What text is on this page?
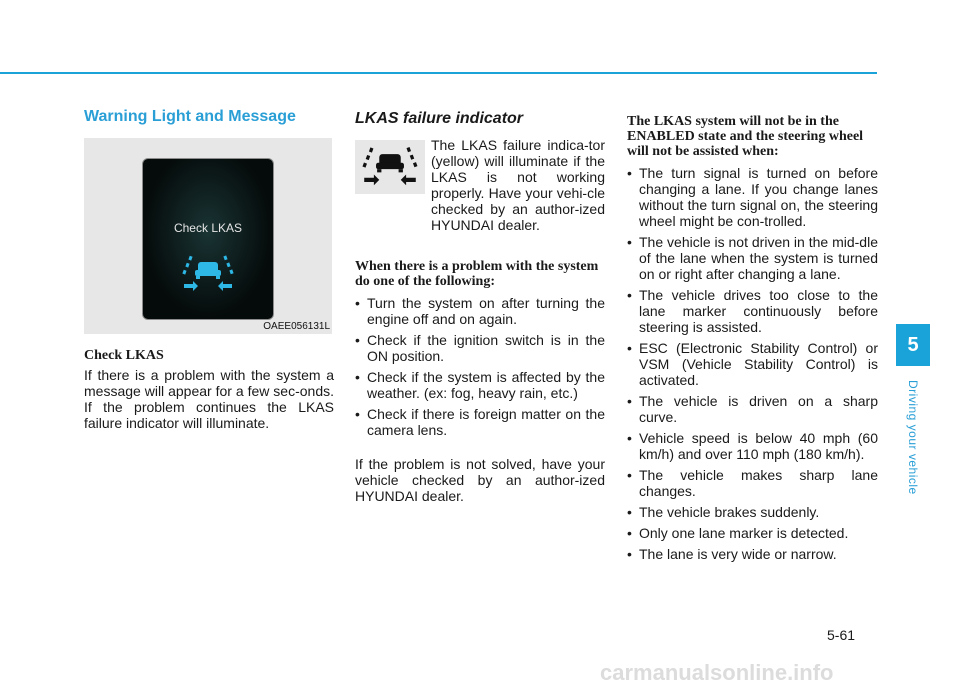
Warning Light and Message
Check LKAS
OAEE056131L
Check LKAS

If there is a problem with the system a message will appear for a few sec-onds. If the problem continues the LKAS failure indicator will illuminate.

LKAS failure indicator
The LKAS failure indica-tor (yellow) will illuminate if the LKAS is not working properly. Have your vehi-cle checked by an author-ized HYUNDAI dealer.
When there is a problem with the system do one of the following:
• Turn the system on after turning the engine off and on again.
• Check if the ignition switch is in the ON position.
• Check if the system is affected by the weather. (ex: fog, heavy rain, etc.)
• Check if there is foreign matter on the camera lens.

If the problem is not solved, have your vehicle checked by an author-ized HYUNDAI dealer.

The LKAS system will not be in the ENABLED state and the steering wheel will not be assisted when:
• The turn signal is turned on before changing a lane. If you change lanes without the turn signal on, the steering wheel might be con-trolled.
• The vehicle is not driven in the mid-dle of the lane when the system is turned on or right after changing a lane.
• The vehicle drives too close to the lane marker continuously before steering is assisted.
• ESC (Electronic Stability Control) or VSM (Vehicle Stability Control) is activated.
• The vehicle is driven on a sharp curve.
• Vehicle speed is below 40 mph (60 km/h) and over 110 mph (180 km/h).
• The vehicle makes sharp lane changes.
• The vehicle brakes suddenly.
• Only one lane marker is detected.
• The lane is very wide or narrow.
5
Driving your vehicle
5-61
carmanualsonline.info
